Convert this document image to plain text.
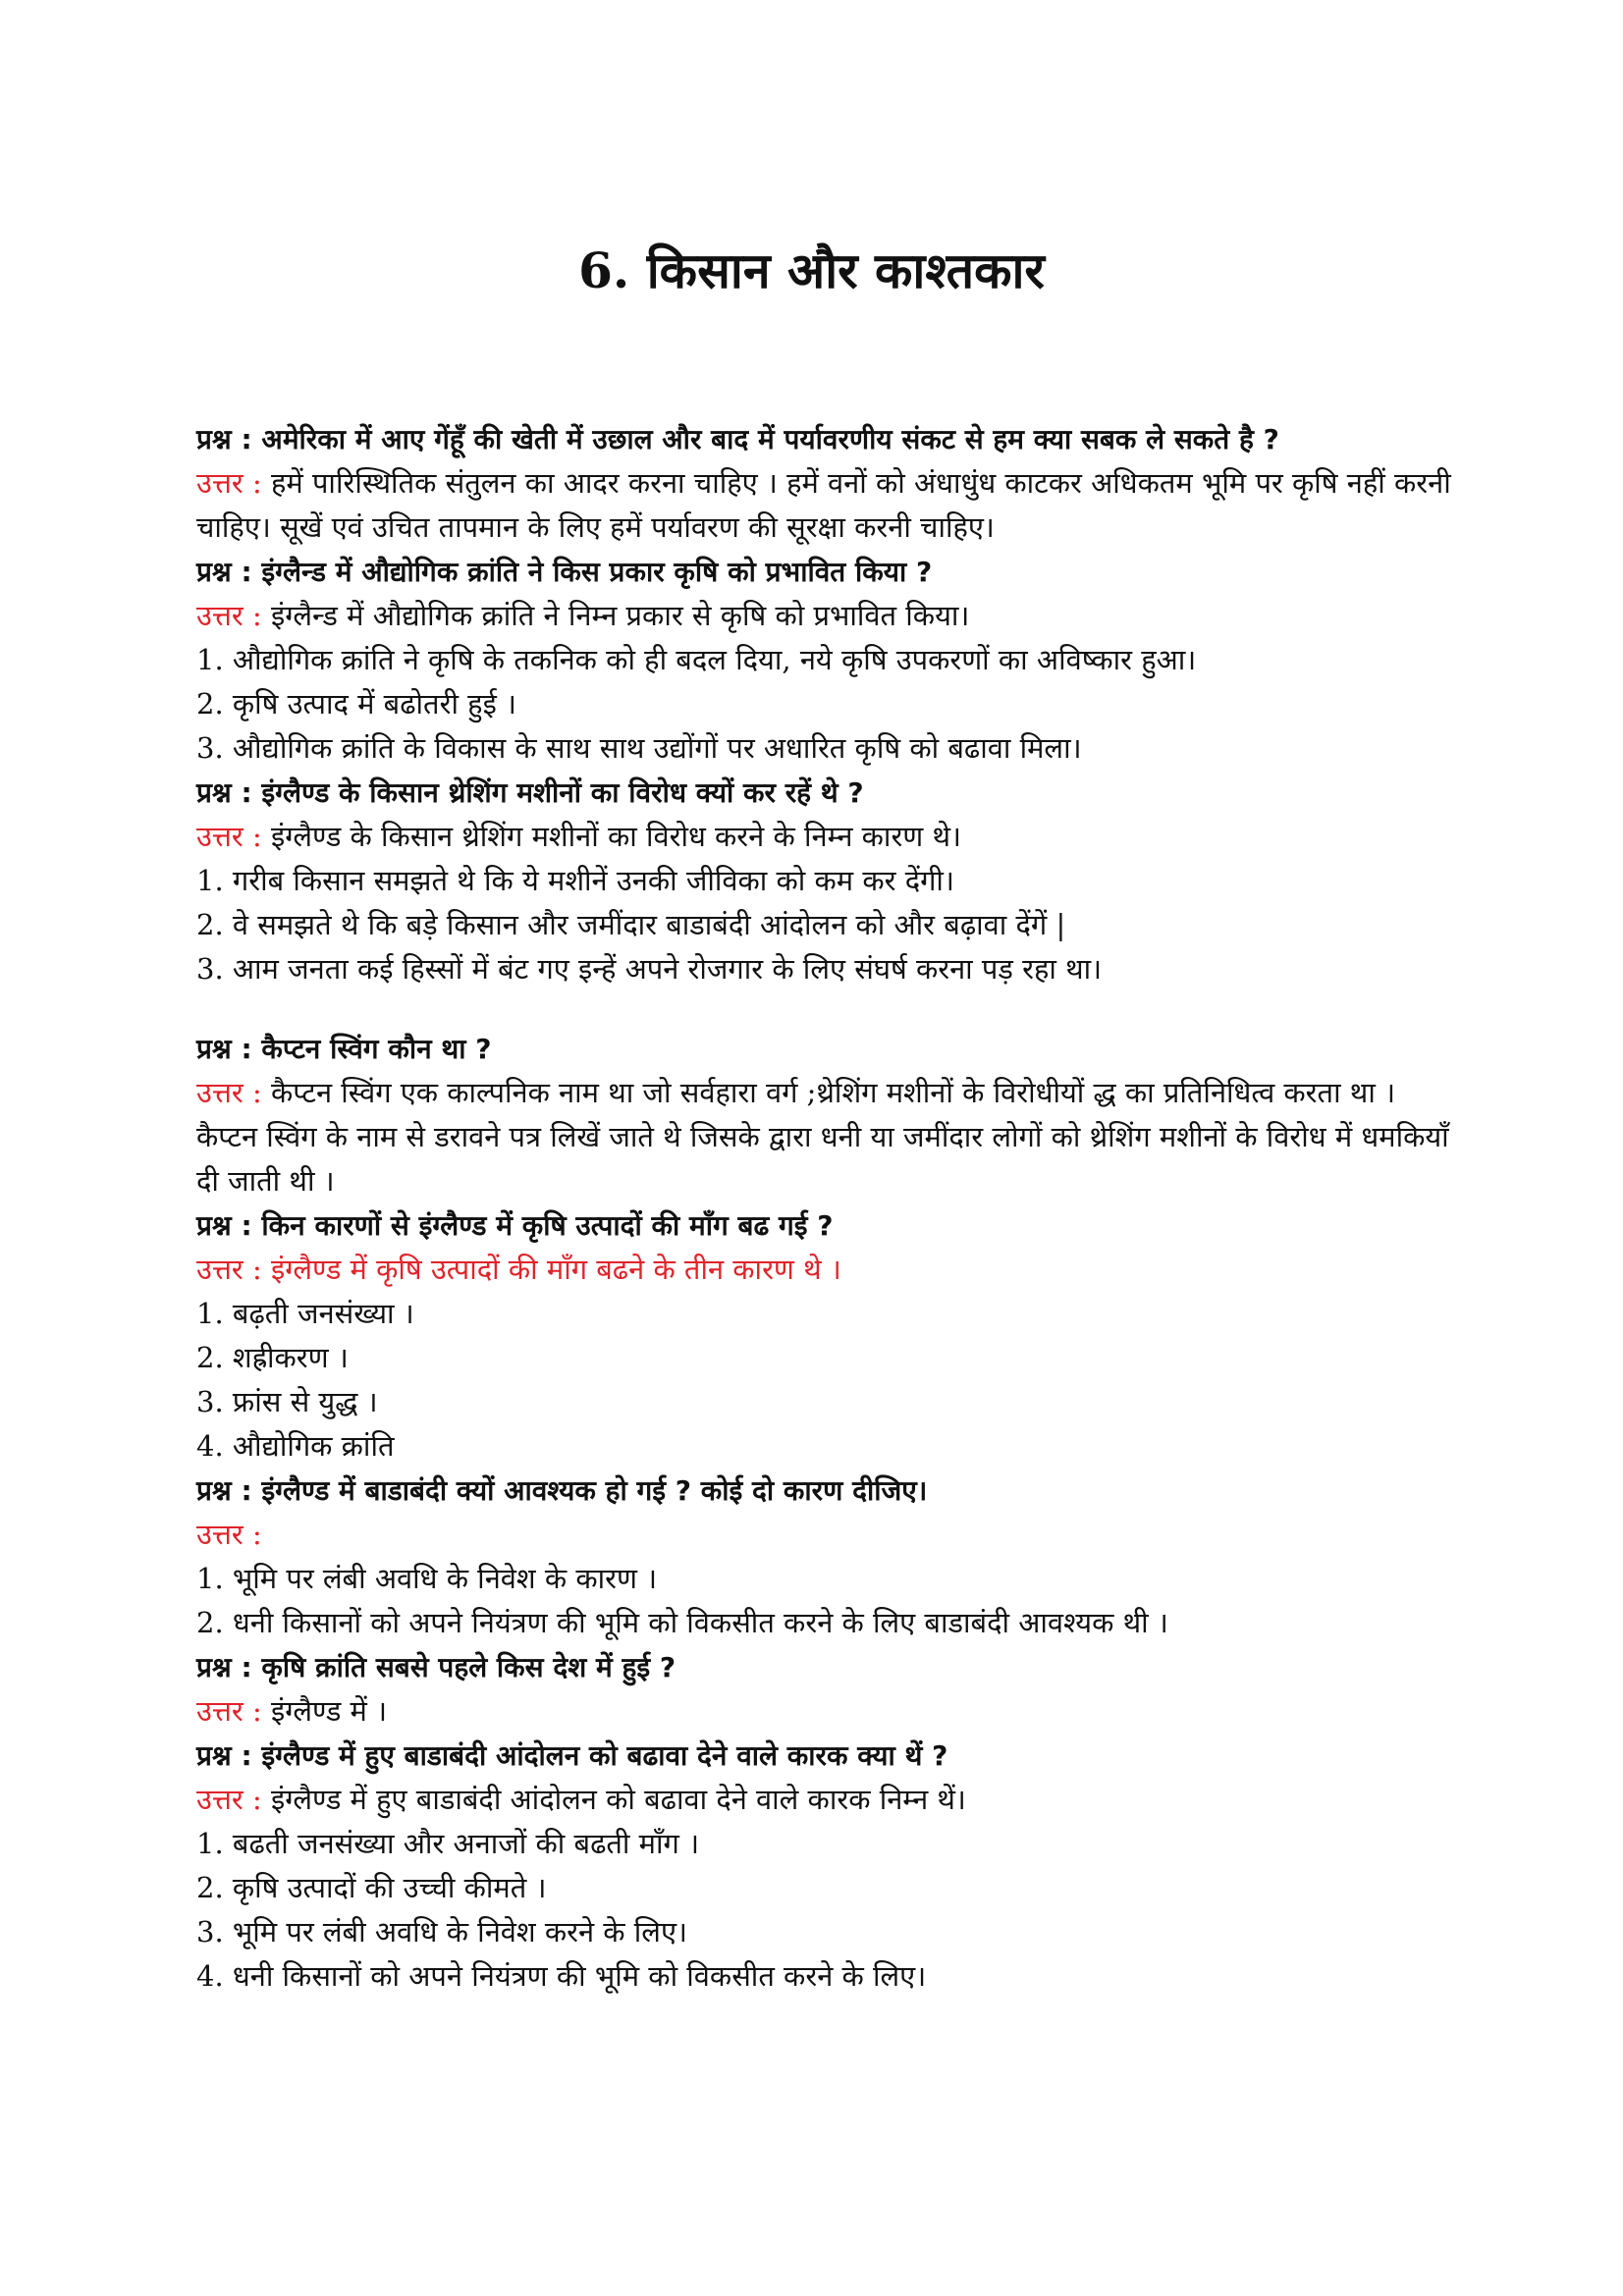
6. किसान और काश्तकार
प्रश्न : अमेरिका में आए गेंहूँ की खेती में उछाल और बाद में पर्यावरणीय संकट से हम क्या सबक ले सकते है ?
उत्तर : हमें पारिस्थितिक संतुलन का आदर करना चाहिए । हमें वनों को अंधाधुंध काटकर अधिकतम भूमि पर कृषि नहीं करनी चाहिए। सूखें एवं उचित तापमान के लिए हमें पर्यावरण की सूरक्षा करनी चाहिए।
प्रश्न : इंग्लैन्ड में औद्योगिक क्रांति ने किस प्रकार कृषि को प्रभावित किया ?
उत्तर : इंग्लैन्ड में औद्योगिक क्रांति ने निम्न प्रकार से कृषि को प्रभावित किया।
1. औद्योगिक क्रांति ने कृषि के तकनिक को ही बदल दिया, नये कृषि उपकरणों का अविष्कार हुआ।
2. कृषि उत्पाद में बढोतरी हुई ।
3. औद्योगिक क्रांति के विकास के साथ साथ उद्योंगों पर अधारित कृषि को बढावा मिला।
प्रश्न : इंग्लैण्ड के किसान थ्रेशिंग मशीनों का विरोध क्यों कर रहें थे ?
उत्तर : इंग्लैण्ड के किसान थ्रेशिंग मशीनों का विरोध करने के निम्न कारण थे।
1. गरीब किसान समझते थे कि ये मशीनें उनकी जीविका को कम कर देंगी।
2. वे समझते थे कि बड़े किसान और जमींदार बाडाबंदी आंदोलन को और बढ़ावा देंगें |
3. आम जनता कई हिस्सों में बंट गए इन्हें अपने रोजगार के लिए संघर्ष करना पड़ रहा था।
प्रश्न : कैप्टन स्विंग कौन था ?
उत्तर : कैप्टन स्विंग एक काल्पनिक नाम था जो सर्वहारा वर्ग ;थ्रेशिंग मशीनों के विरोधीयों द्ध का प्रतिनिधित्व करता था । कैप्टन स्विंग के नाम से डरावने पत्र लिखें जाते थे जिसके द्वारा धनी या जमींदार लोगों को थ्रेशिंग मशीनों के विरोध में धमकियाँ दी जाती थी ।
प्रश्न : किन कारणों से इंग्लैण्ड में कृषि उत्पादों की माँग बढ गई ?
उत्तर : इंग्लैण्ड में कृषि उत्पादों की माँग बढने के तीन कारण थे ।
1. बढ़ती जनसंख्या ।
2. शह्रीकरण ।
3. फ्रांस से युद्ध ।
4. औद्योगिक क्रांति
प्रश्न : इंग्लैण्ड में बाडाबंदी क्यों आवश्यक हो गई ? कोई दो कारण दीजिए।
उत्तर :
1. भूमि पर लंबी अवधि के निवेश के कारण ।
2. धनी किसानों को अपने नियंत्रण की भूमि को विकसीत करने के लिए बाडाबंदी आवश्यक थी ।
प्रश्न : कृषि क्रांति सबसे पहले किस देश में हुई ?
उत्तर : इंग्लैण्ड में ।
प्रश्न : इंग्लैण्ड में हुए बाडाबंदी आंदोलन को बढावा देने वाले कारक क्या थें ?
उत्तर : इंग्लैण्ड में हुए बाडाबंदी आंदोलन को बढावा देने वाले कारक निम्न थें।
1. बढती जनसंख्या और अनाजों की बढती माँग ।
2. कृषि उत्पादों की उच्ची कीमते ।
3. भूमि पर लंबी अवधि के निवेश करने के लिए।
4. धनी किसानों को अपने नियंत्रण की भूमि को विकसीत करने के लिए।
